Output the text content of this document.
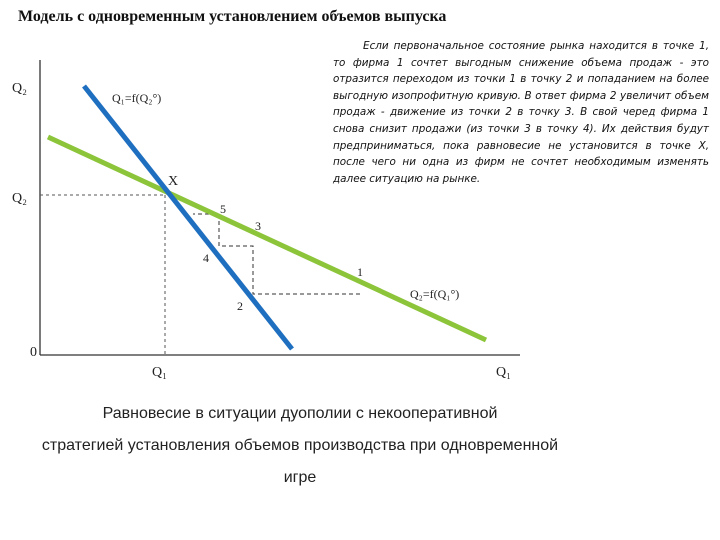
Модель с одновременным установлением объемов выпуска
Q₂
Q₂
0
Q₁	Q₁
Q₁=f(Q₂°)
Q₂=f(Q₁°)
X
1
2
3
4
5
Если первоначальное состояние рынка находится в точке 1, то фирма 1 сочтет выгодным снижение объема продаж - это отразится переходом из точки 1 в точку 2 и попаданием на более выгодную изопрофитную кривую. В ответ фирма 2 увеличит объем продаж - движение из точки 2 в точку 3. В свой черед фирма 1 снова снизит продажи (из точки 3 в точку 4). Их действия будут предприниматься, пока равновесие не установится в точке X, после чего ни одна из фирм не сочтет необходимым изменять далее ситуацию на рынке.
Равновесие в ситуации дуополии с некооперативной
стратегией установления объемов производства при одновременной
игре
